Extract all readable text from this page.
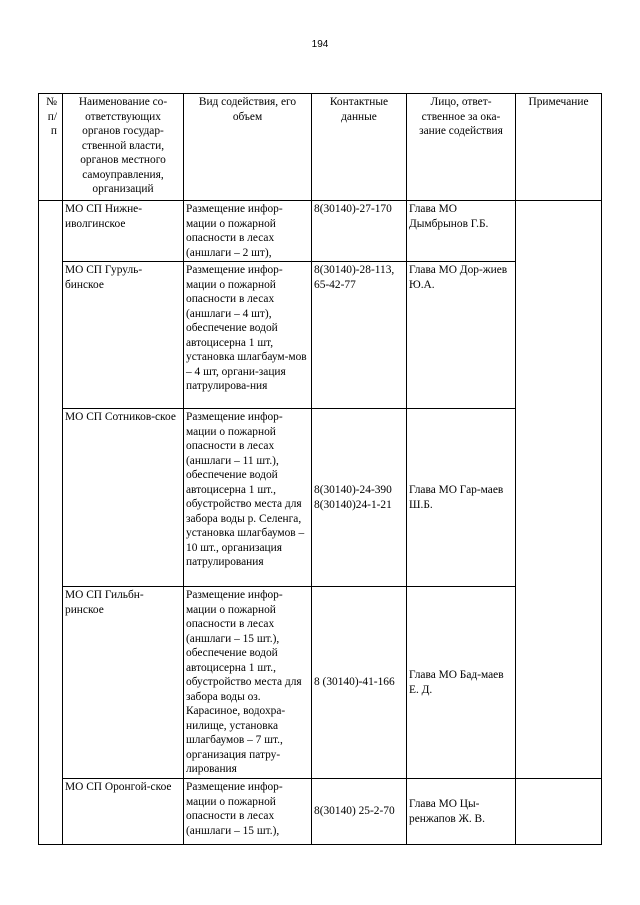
194
№ п/ п	Наименование со-ответствующих органов государ-ственной власти, органов местного самоуправления, организаций	Вид содействия, его объем	Контактные данные	Лицо, ответ-ственное за ока-зание содействия	Примечание
	МО СП Нижне-иволгинское	Размещение инфор-мации о пожарной опасности в лесах (аншлаги – 2 шт),	8(30140)-27-170	Глава МО Дымбрынов Г.Б.	
	МО СП Гуруль-бинское	Размещение инфор-мации о пожарной опасности в лесах (аншлаги – 4 шт), обеспечение водой автоцисерна 1 шт, установка шлагбаум-мов – 4 шт, органи-зация патрулирова-ния	8(30140)-28-113, 65-42-77	Глава МО Дор-жиев Ю.А.	
	МО СП Сотников-ское	Размещение инфор-мации о пожарной опасности в лесах (аншлаги – 11 шт.), обеспечение водой автоцисерна 1 шт., обустройство места для забора воды р. Селенга, установка шлагбаумов – 10 шт., организация патрулирования	8(30140)-24-390 8(30140)24-1-21	Глава МО Гар-маев Ш.Б.	
	МО СП Гильбн-ринское	Размещение инфор-мации о пожарной опасности в лесах (аншлаги – 15 шт.), обеспечение водой автоцисерна 1 шт., обустройство места для забора воды оз. Карасиное, водохра-нилище, установка шлагбаумов – 7 шт., организация патру-лирования	8 (30140)-41-166	Глава МО Бад-маев Е. Д.	
	МО СП Оронгой-ское	Размещение инфор-мации о пожарной опасности в лесах (аншлаги – 15 шт.),	8(30140) 25-2-70	Глава МО Цы-ренжапов Ж. В.	
